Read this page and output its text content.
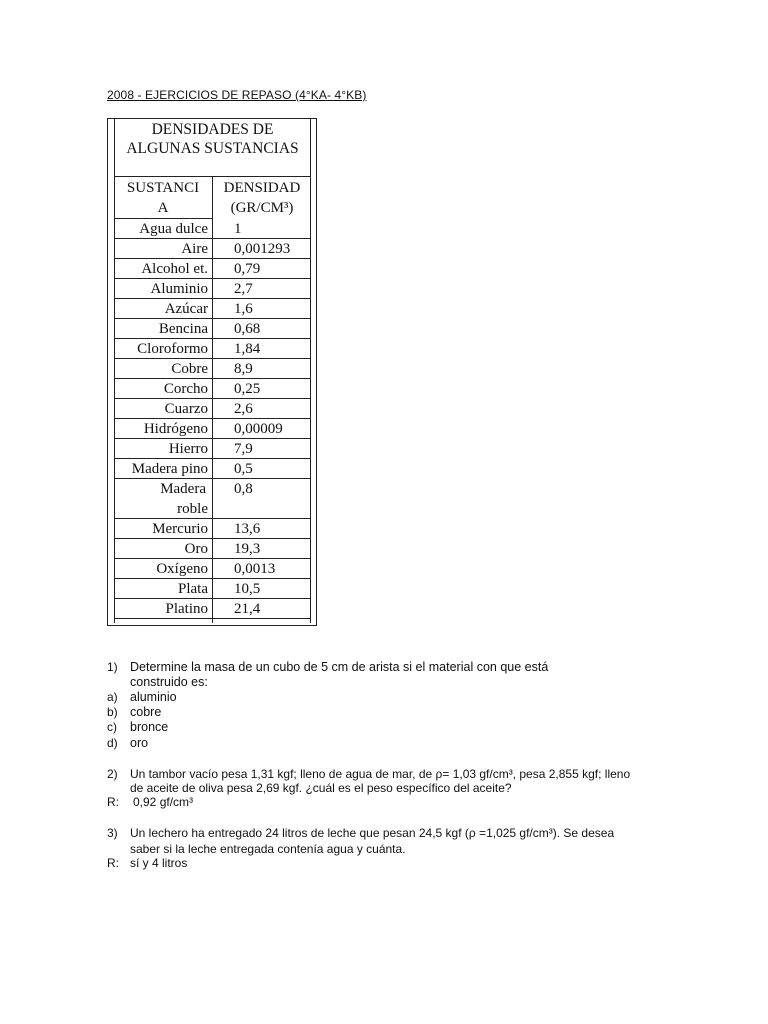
2008 - EJERCICIOS DE REPASO (4°KA- 4°KB)
DENSIDADES DE
ALGUNAS SUSTANCIAS
SUSTANCI
A
DENSIDAD
(GR/CM³)
Agua dulce 1
Aire 0,001293
Alcohol et. 0,79
Aluminio 2,7
Azúcar 1,6
Bencina 0,68
Cloroformo 1,84
Cobre 8,9
Corcho 0,25
Cuarzo 2,6
Hidrógeno 0,00009
Hierro 7,9
Madera pino 0,5
Madera
roble
0,8
Mercurio 13,6
Oro 19,3
Oxígeno 0,0013
Plata 10,5
Platino 21,4
1) Determine la masa de un cubo de 5 cm de arista si el material con que está
construido es:
a) aluminio
b) cobre
c) bronce
d) oro
2) Un tambor vacío pesa 1,31 kgf; lleno de agua de mar, de ρ= 1,03 gf/cm³, pesa 2,855 kgf; lleno
de aceite de oliva pesa 2,69 kgf. ¿cuál es el peso específico del aceite?
R: 0,92 gf/cm³
3) Un lechero ha entregado 24 litros de leche que pesan 24,5 kgf (ρ =1,025 gf/cm³). Se desea
saber si la leche entregada contenía agua y cuánta.
R: sí y 4 litros
